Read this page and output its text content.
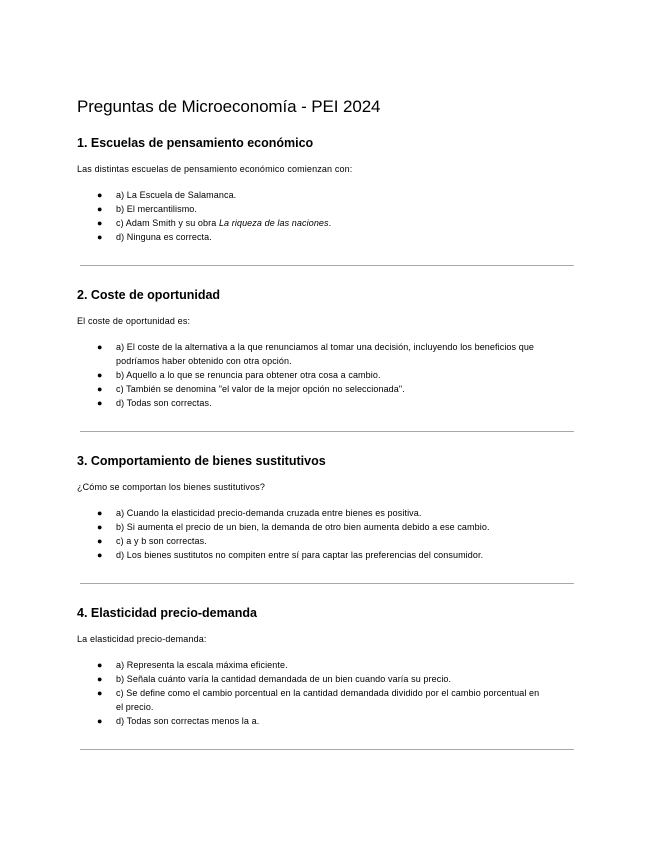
Preguntas de Microeconomía - PEI 2024
1. Escuelas de pensamiento económico

Las distintas escuelas de pensamiento económico comienzan con:

● a) La Escuela de Salamanca.
● b) El mercantilismo.
● c) Adam Smith y su obra La riqueza de las naciones.
● d) Ninguna es correcta.
2. Coste de oportunidad

El coste de oportunidad es:

● a) El coste de la alternativa a la que renunciamos al tomar una decisión, incluyendo los beneficios que podríamos haber obtenido con otra opción.
● b) Aquello a lo que se renuncia para obtener otra cosa a cambio.
● c) También se denomina "el valor de la mejor opción no seleccionada".
● d) Todas son correctas.
3. Comportamiento de bienes sustitutivos

¿Cómo se comportan los bienes sustitutivos?

● a) Cuando la elasticidad precio-demanda cruzada entre bienes es positiva.
● b) Si aumenta el precio de un bien, la demanda de otro bien aumenta debido a ese cambio.
● c) a y b son correctas.
● d) Los bienes sustitutos no compiten entre sí para captar las preferencias del consumidor.
4. Elasticidad precio-demanda

La elasticidad precio-demanda:

● a) Representa la escala máxima eficiente.
● b) Señala cuánto varía la cantidad demandada de un bien cuando varía su precio.
● c) Se define como el cambio porcentual en la cantidad demandada dividido por el cambio porcentual en el precio.
● d) Todas son correctas menos la a.
